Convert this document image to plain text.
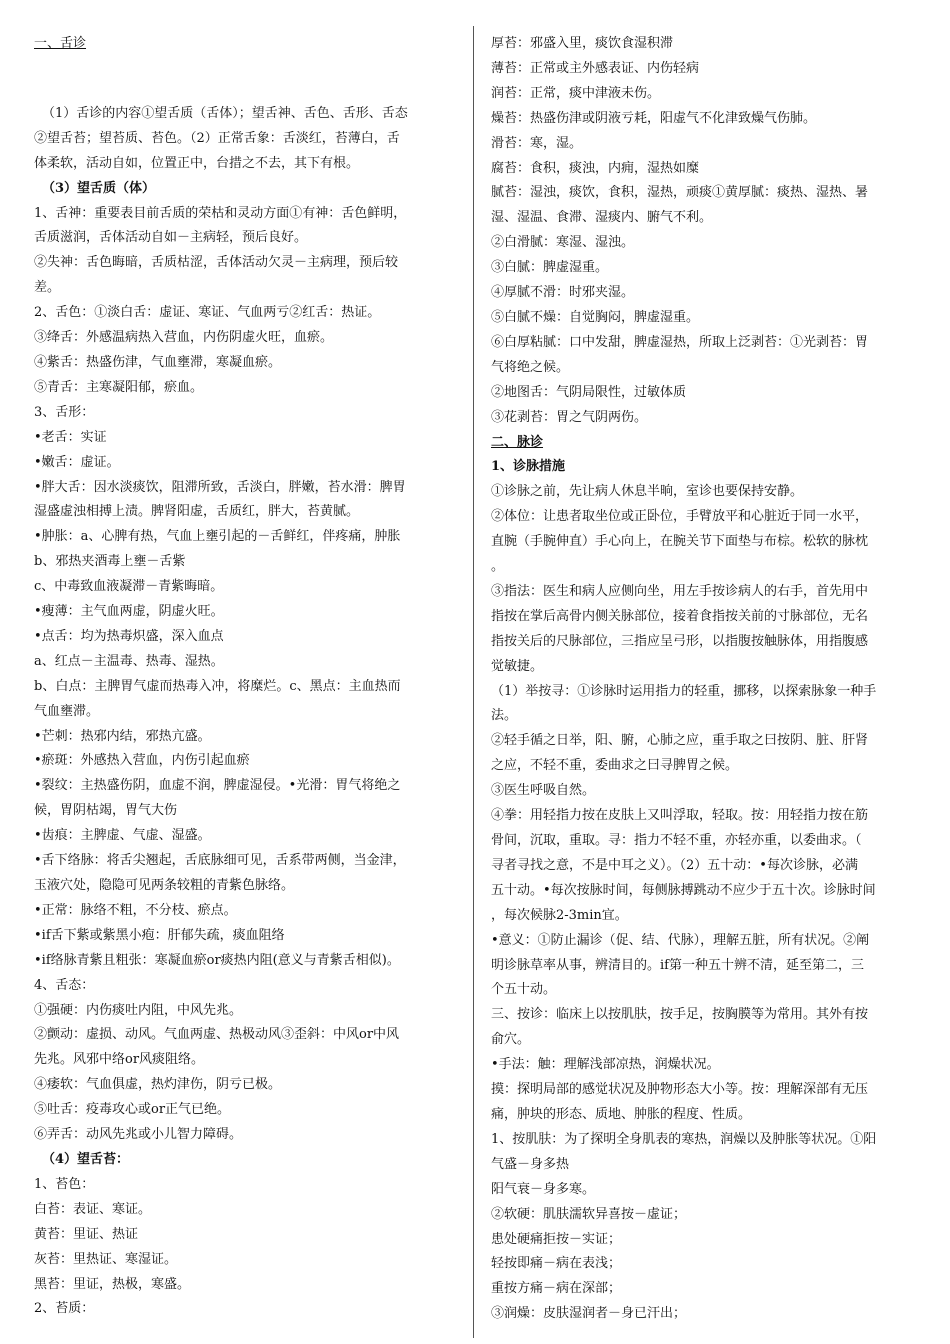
一、舌诊
（1）舌诊的内容①望舌质（舌体）；望舌神、舌色、舌形、舌态
②望舌苔；望苔质、苔色。（2）正常舌象：舌淡红，苔薄白，舌
体柔软，活动自如，位置正中，台措之不去，其下有根。
（3）望舌质（体）
1、舌神：重要表目前舌质的荣枯和灵动方面①有神：舌色鲜明，
舌质滋润，舌体活动自如－主病轻，预后良好。
②失神：舌色晦暗，舌质枯涩，舌体活动欠灵－主病理，预后较
差。
2、舌色：①淡白舌：虚证、寒证、气血两亏②红舌：热证。
③绛舌：外感温病热入营血，内伤阴虚火旺，血瘀。
④紫舌：热盛伤津，气血壅滞，寒凝血瘀。
⑤青舌：主寒凝阳郁，瘀血。
3、舌形：
•老舌：实证
•嫩舌：虚证。
•胖大舌：因水淡痰饮，阻滞所致，舌淡白，胖嫩，苔水滑：脾胃
湿盛虚浊相搏上渍。脾肾阳虚，舌质红，胖大，苔黄腻。
•肿胀：a、心脾有热，气血上壅引起的－舌鲜红，伴疼痛，肿胀
b、邪热夹酒毒上壅－舌紫
c、中毒致血液凝滞－青紫晦暗。
•瘦薄：主气血两虚，阴虚火旺。
•点舌：均为热毒炽盛，深入血点
a、红点－主温毒、热毒、湿热。
b、白点：主脾胃气虚而热毒入冲，将糜烂。c、黑点：主血热而
气血壅滞。
•芒刺：热邪内结，邪热亢盛。
•瘀斑：外感热入营血，内伤引起血瘀
•裂纹：主热盛伤阴，血虚不润，脾虚湿侵。•光滑：胃气将绝之
候，胃阴枯竭，胃气大伤
•齿痕：主脾虚、气虚、湿盛。
•舌下络脉：将舌尖翘起，舌底脉细可见，舌系带两侧，当金津，
玉液穴处，隐隐可见两条较粗的青紫色脉络。
•正常：脉络不粗，不分枝、瘀点。
•if舌下紫或紫黑小疱：肝郁失疏，痰血阻络
•if络脉青紫且粗张：寒凝血瘀or痰热内阻(意义与青紫舌相似)。
4、舌态：
①强硬：内伤痰吐内阻，中风先兆。
②颤动：虚损、动风。气血两虚、热极动风③歪斜：中风or中风
先兆。风邪中络or风痰阻络。
④痿软：气血俱虚，热灼津伤，阴亏已极。
⑤吐舌：疫毒攻心或or正气已绝。
⑥弄舌：动风先兆或小儿智力障碍。
（4）望舌苔：
1、苔色：
白苔：表证、寒证。
黄苔：里证、热证
灰苔：里热证、寒湿证。
黑苔：里证，热极，寒盛。
2、苔质：
厚苔：邪盛入里，痰饮食湿积滞
薄苔：正常或主外感表证、内伤轻病
润苔：正常，痰中津液未伤。
燥苔：热盛伤津或阴液亏耗，阳虚气不化津致燥气伤肺。
滑苔：寒，湿。
腐苔：食积，痰浊，内痈，湿热如糜
腻苔：湿浊，痰饮，食积，湿热，顽痰①黄厚腻：痰热、湿热、暑
湿、湿温、食滞、湿痰内、腑气不利。
②白滑腻：寒湿、湿浊。
③白腻：脾虚湿重。
④厚腻不滑：时邪夹湿。
⑤白腻不燥：自觉胸闷，脾虚湿重。
⑥白厚粘腻：口中发甜，脾虚湿热，所取上泛剥苔：①光剥苔：胃
气将绝之候。
②地图舌：气阴局限性，过敏体质
③花剥苔：胃之气阴两伤。
二、脉诊
1、诊脉措施
①诊脉之前，先让病人休息半晌，室诊也要保持安静。
②体位：让患者取坐位或正卧位，手臂放平和心脏近于同一水平，
直腕（手腕伸直）手心向上，在腕关节下面垫与布棕。松软的脉枕
。
③指法：医生和病人应侧向坐，用左手按诊病人的右手，首先用中
指按在掌后高骨内侧关脉部位，接着食指按关前的寸脉部位，无名
指按关后的尺脉部位，三指应呈弓形，以指腹按触脉体，用指腹感
觉敏捷。
（1）举按寻：①诊脉时运用指力的轻重，挪移，以探索脉象一种手
法。
②轻手循之日举，阳、腑，心肺之应，重手取之曰按阴、脏、肝肾
之应，不轻不重，委曲求之曰寻脾胃之候。
③医生呼吸自然。
④拳：用轻指力按在皮肤上又叫浮取，轻取。按：用轻指力按在筋
骨间，沉取，重取。寻：指力不轻不重，亦轻亦重，以委曲求。（
寻者寻找之意，不是中耳之义）。（2）五十动：•每次诊脉，必满
五十动。•每次按脉时间，每侧脉搏跳动不应少于五十次。诊脉时间
，每次候脉2-3min宜。
•意义：①防止漏诊（促、结、代脉），理解五脏，所有状况。②阐
明诊脉草率从事，辨清目的。if第一种五十辨不清，延至第二，三
个五十动。
三、按诊：临床上以按肌肤，按手足，按胸膜等为常用。其外有按
俞穴。
•手法：触：理解浅部凉热，润燥状况。
摸：探明局部的感觉状况及肿物形态大小等。按：理解深部有无压
痛，肿块的形态、质地、肿胀的程度、性质。
1、按肌肤：为了探明全身肌表的寒热，润燥以及肿胀等状况。①阳
气盛－身多热
阳气衰－身多寒。
②软硬：肌肤濡软异喜按－虚证；
患处硬痛拒按－实证；
轻按即痛－病在表浅；
重按方痛－病在深部；
③润燥：皮肤湿润者－身已汗出；
